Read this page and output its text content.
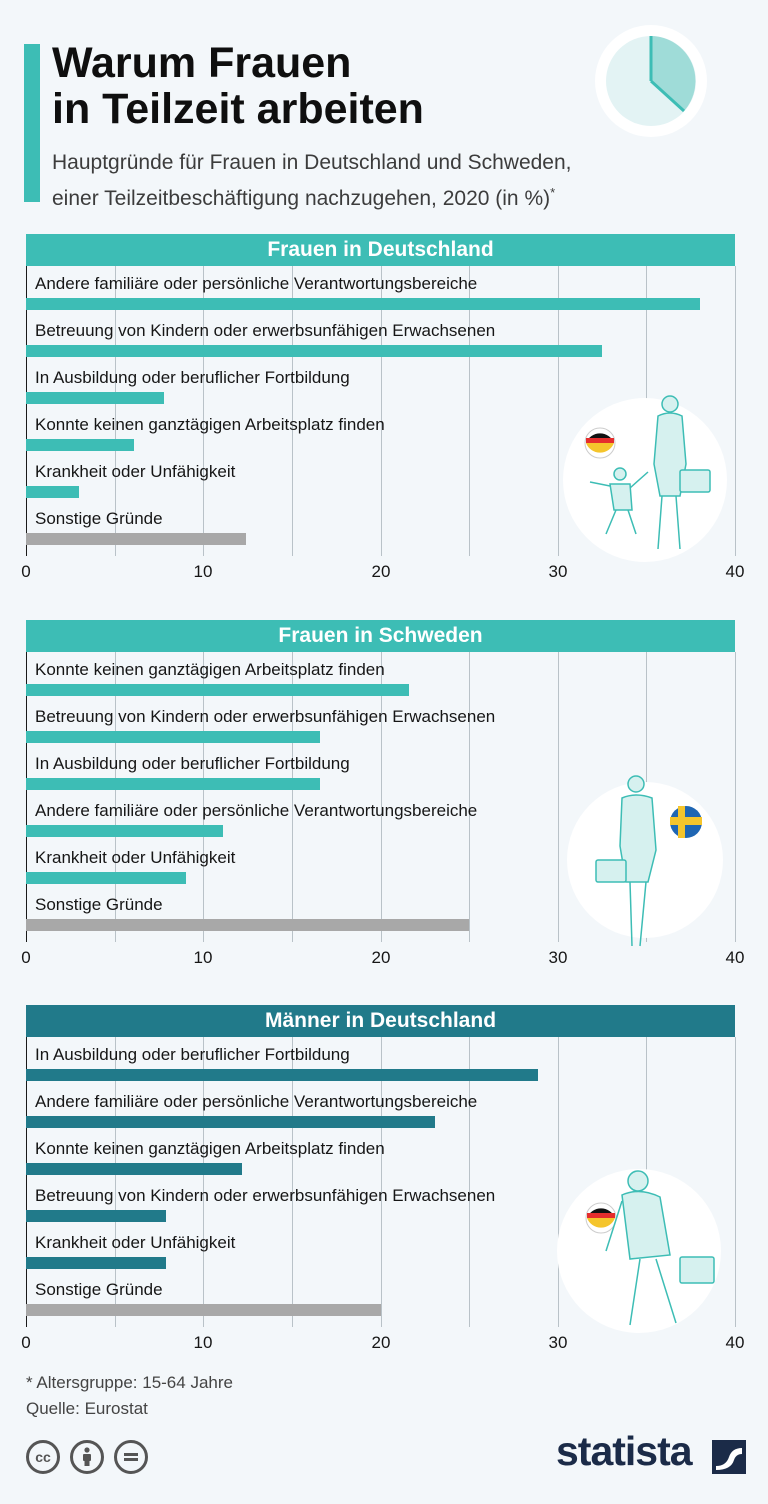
Warum Frauen
in Teilzeit arbeiten

Hauptgründe für Frauen in Deutschland und Schweden,
einer Teilzeitbeschäftigung nachzugehen, 2020 (in %)*

Frauen in Deutschland
Andere familiäre oder persönliche Verantwortungsbereiche
Betreuung von Kindern oder erwerbsunfähigen Erwachsenen
In Ausbildung oder beruflicher Fortbildung
Konnte keinen ganztägigen Arbeitsplatz finden
Krankheit oder Unfähigkeit
Sonstige Gründe
0	10	20	30	40
Frauen in Schweden
Konnte keinen ganztägigen Arbeitsplatz finden
Betreuung von Kindern oder erwerbsunfähigen Erwachsenen
In Ausbildung oder beruflicher Fortbildung
Andere familiäre oder persönliche Verantwortungsbereiche
Krankheit oder Unfähigkeit
Sonstige Gründe
0	10	20	30	40
Männer in Deutschland
In Ausbildung oder beruflicher Fortbildung
Andere familiäre oder persönliche Verantwortungsbereiche
Konnte keinen ganztägigen Arbeitsplatz finden
Betreuung von Kindern oder erwerbsunfähigen Erwachsenen
Krankheit oder Unfähigkeit
Sonstige Gründe
0	10	20	30	40
* Altersgruppe: 15-64 Jahre
Quelle: Eurostat
cc	statista
